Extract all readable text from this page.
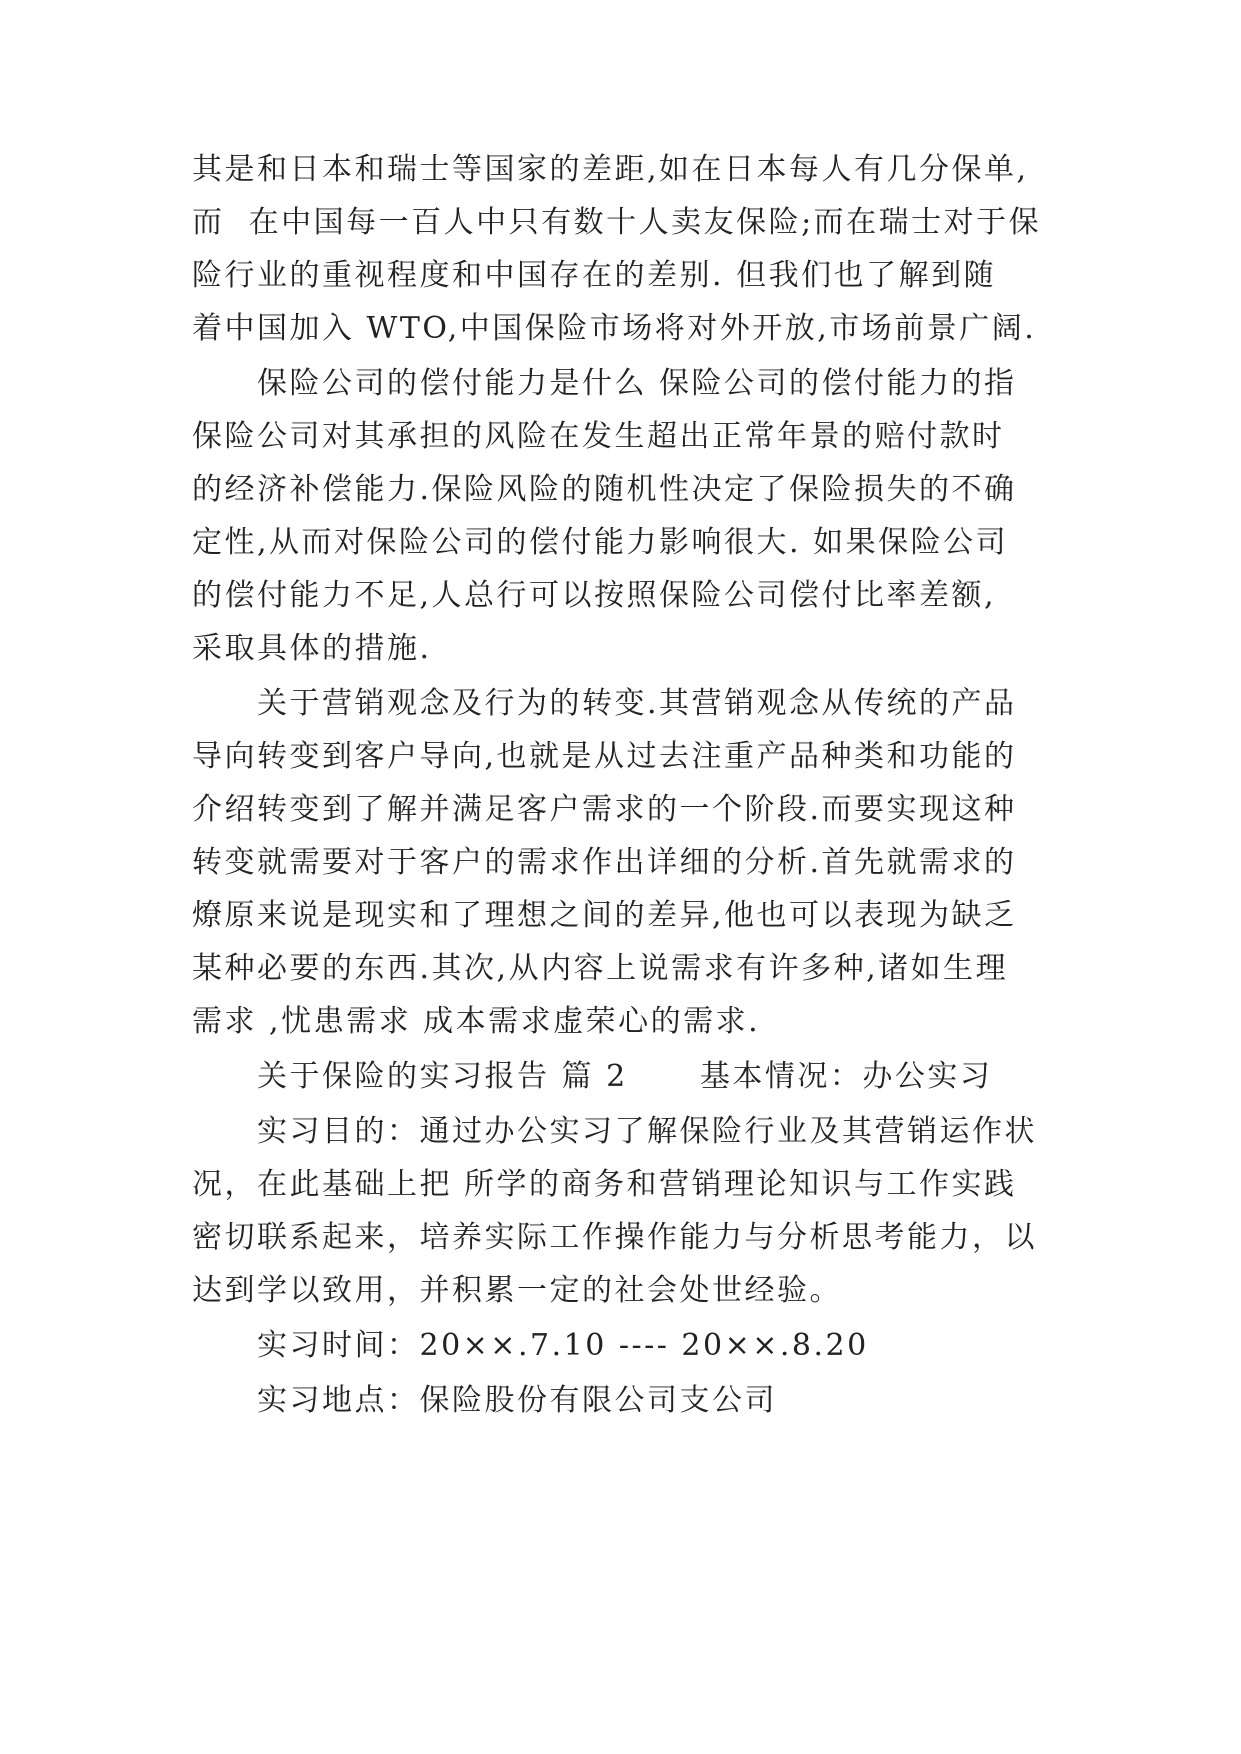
其是和日本和瑞士等国家的差距,如在日本每人有几分保单,
而  在中国每一百人中只有数十人卖友保险;而在瑞士对于保
险行业的重视程度和中国存在的差别. 但我们也了解到随
着中国加入 WTO,中国保险市场将对外开放,市场前景广阔.
保险公司的偿付能力是什么 保险公司的偿付能力的指
保险公司对其承担的风险在发生超出正常年景的赔付款时
的经济补偿能力.保险风险的随机性决定了保险损失的不确
定性,从而对保险公司的偿付能力影响很大. 如果保险公司
的偿付能力不足,人总行可以按照保险公司偿付比率差额,
采取具体的措施.
关于营销观念及行为的转变.其营销观念从传统的产品
导向转变到客户导向,也就是从过去注重产品种类和功能的
介绍转变到了解并满足客户需求的一个阶段.而要实现这种
转变就需要对于客户的需求作出详细的分析.首先就需求的
燎原来说是现实和了理想之间的差异,他也可以表现为缺乏
某种必要的东西.其次,从内容上说需求有许多种,诸如生理
需求 ,忧患需求 成本需求虚荣心的需求.
关于保险的实习报告 篇 2      基本情况：办公实习
实习目的：通过办公实习了解保险行业及其营销运作状
况，在此基础上把 所学的商务和营销理论知识与工作实践
密切联系起来，培养实际工作操作能力与分析思考能力，以
达到学以致用，并积累一定的社会处世经验。
实习时间：20××.7.10 ---- 20××.8.20
实习地点：保险股份有限公司支公司
